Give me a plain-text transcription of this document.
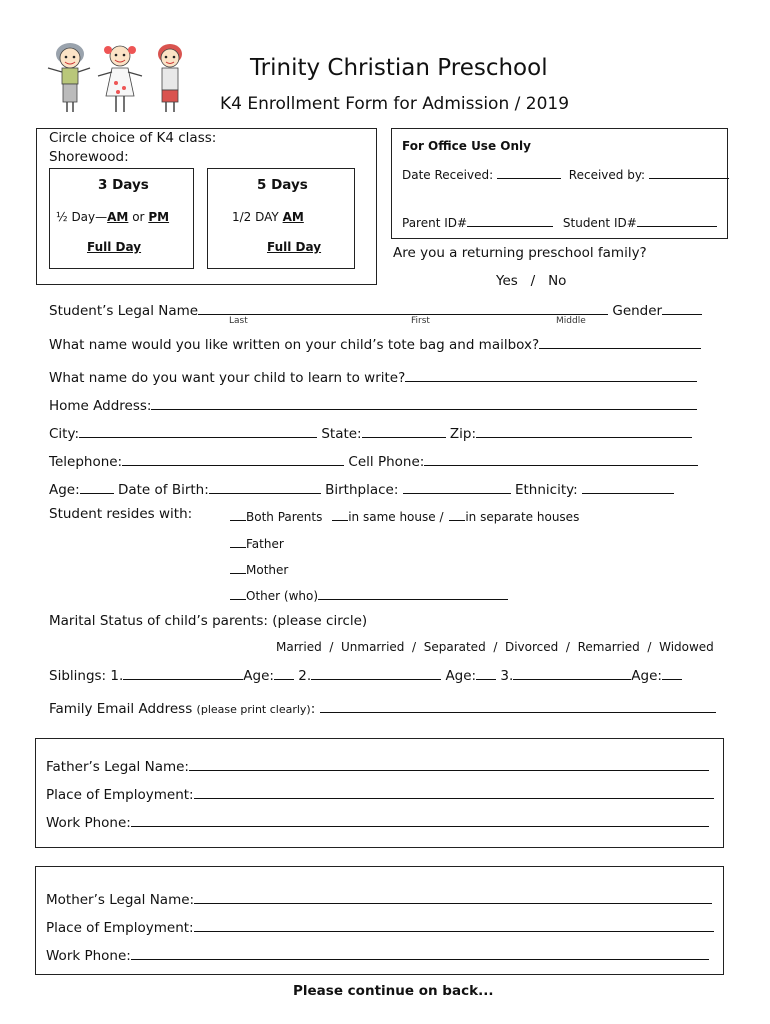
Trinity Christian Preschool
K4 Enrollment Form for Admission / 2019
Circle choice of K4 class:
Shorewood:
3 Days
½ Day—AM or PM
Full Day
5 Days
1/2 DAY AM
Full Day
For Office Use Only
Date Received:	Received by:
Parent ID#	Student ID#
Are you a returning preschool family?
Yes   /   No
Student’s Legal Name	Gender
Last	First	Middle
What name would you like written on your child’s tote bag and mailbox?
What name do you want your child to learn to write?
Home Address:
City:	State:	Zip:
Telephone:	Cell Phone:
Age:	Date of Birth:	Birthplace:	Ethnicity:
Student resides with:	Both Parents in same house / in separate houses
Father
Mother
Other (who)
Marital Status of child’s parents: (please circle)
Married  /  Unmarried  /  Separated  /  Divorced  /  Remarried  /  Widowed
Siblings: 1.	Age: 2.	Age: 3.	Age:
Family Email Address (please print clearly):
Father’s Legal Name:
Place of Employment:
Work Phone:
Mother’s Legal Name:
Place of Employment:
Work Phone:
Please continue on back...
